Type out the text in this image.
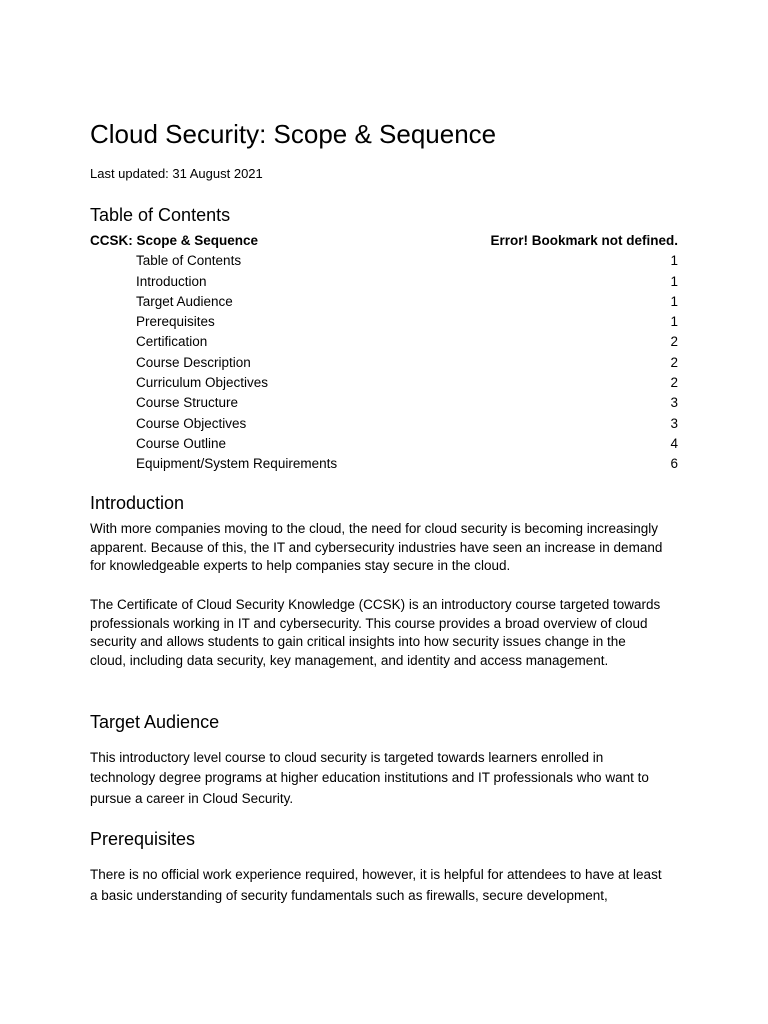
Cloud Security: Scope & Sequence
Last updated: 31 August 2021
Table of Contents
CCSK: Scope & Sequence	Error! Bookmark not defined.
Table of Contents	1
Introduction	1
Target Audience	1
Prerequisites	1
Certification	2
Course Description	2
Curriculum Objectives	2
Course Structure	3
Course Objectives	3
Course Outline	4
Equipment/System Requirements	6
Introduction
With more companies moving to the cloud, the need for cloud security is becoming increasingly
apparent. Because of this, the IT and cybersecurity industries have seen an increase in demand
for knowledgeable experts to help companies stay secure in the cloud.
The Certificate of Cloud Security Knowledge (CCSK) is an introductory course targeted towards
professionals working in IT and cybersecurity. This course provides a broad overview of cloud
security and allows students to gain critical insights into how security issues change in the
cloud, including data security, key management, and identity and access management.
Target Audience
This introductory level course to cloud security is targeted towards learners enrolled in
technology degree programs at higher education institutions and IT professionals who want to
pursue a career in Cloud Security.
Prerequisites
There is no official work experience required, however, it is helpful for attendees to have at least
a basic understanding of security fundamentals such as firewalls, secure development,
